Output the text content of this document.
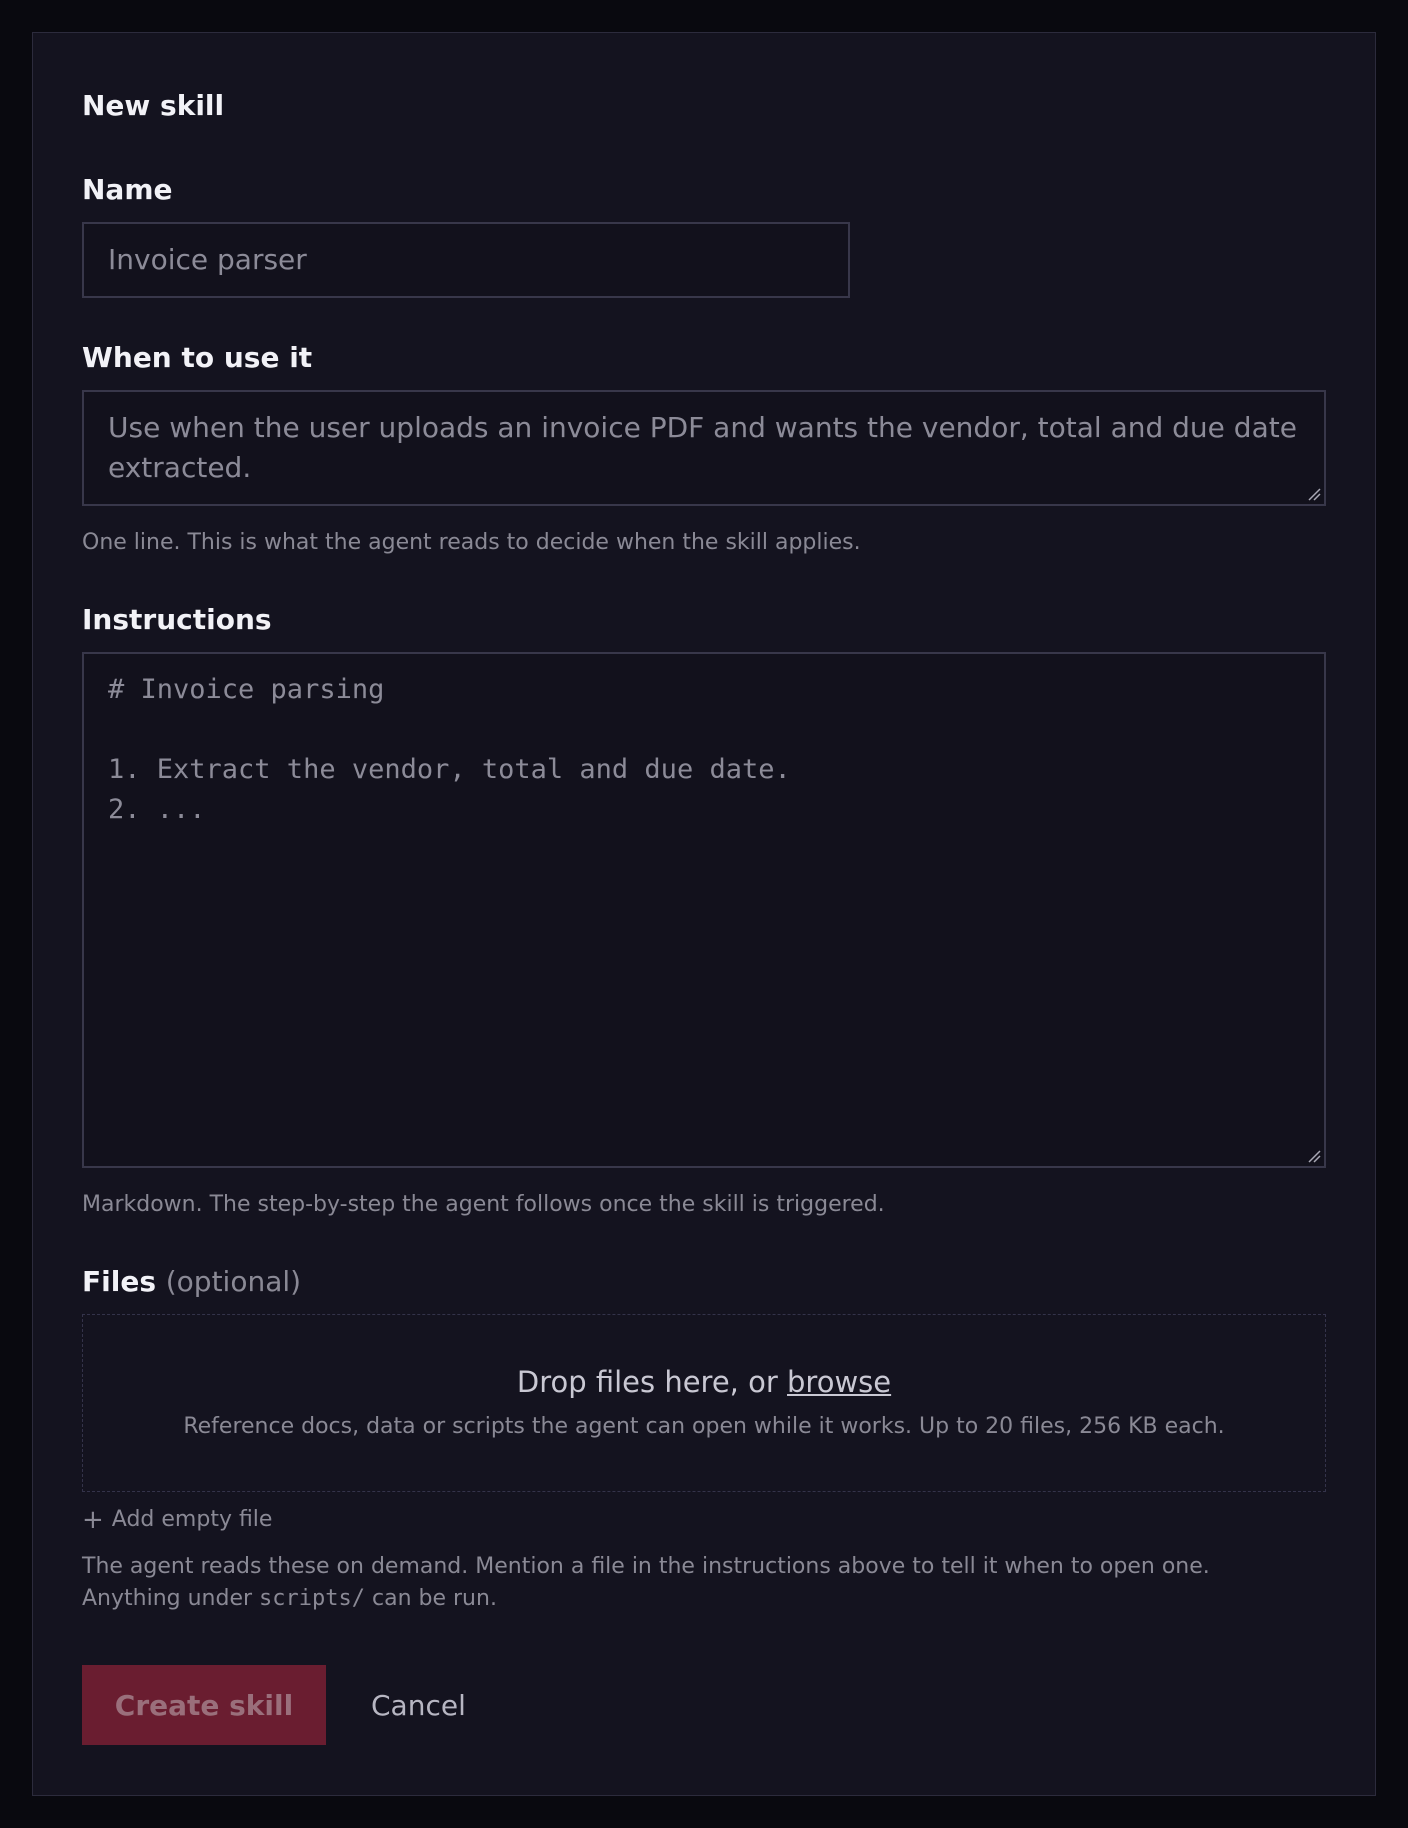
New skill
Name
Invoice parser
When to use it
Use when the user uploads an invoice PDF and wants the vendor, total and due date extracted.
One line. This is what the agent reads to decide when the skill applies.
Instructions
# Invoice parsing
1. Extract the vendor, total and due date.
2. ...
Markdown. The step-by-step the agent follows once the skill is triggered.
Files (optional)
Drop files here, or browse
Reference docs, data or scripts the agent can open while it works. Up to 20 files, 256 KB each.
+ Add empty file
The agent reads these on demand. Mention a file in the instructions above to tell it when to open one.
Anything under scripts/ can be run.
Create skill	Cancel
